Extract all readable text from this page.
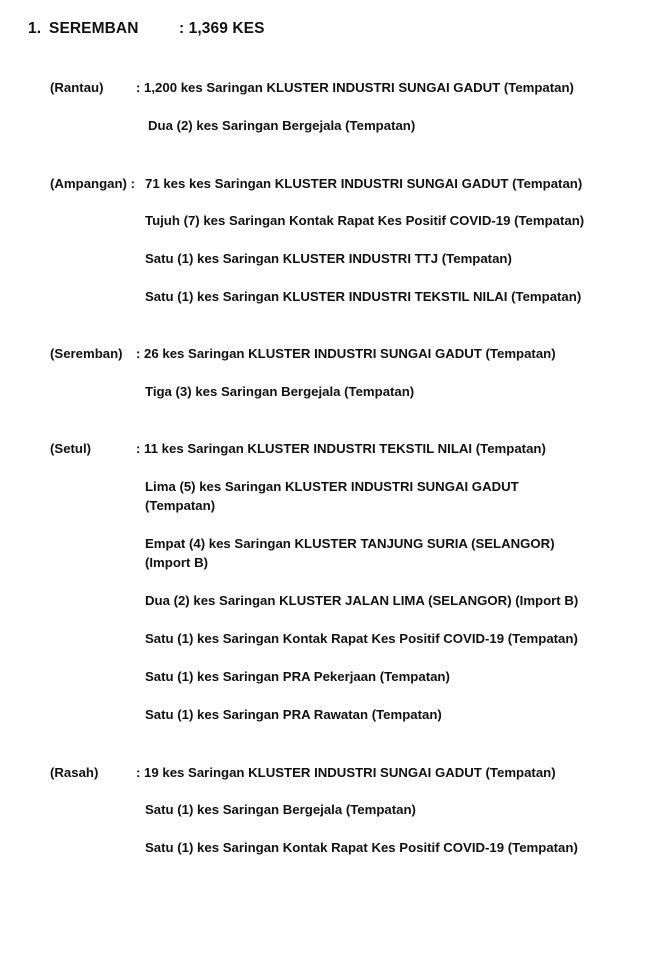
1. SEREMBAN	: 1,369 KES
(Rantau) : 1,200 kes Saringan KLUSTER INDUSTRI SUNGAI GADUT (Tempatan)
Dua (2) kes Saringan Bergejala (Tempatan)
(Ampangan) : 71 kes kes Saringan KLUSTER INDUSTRI SUNGAI GADUT (Tempatan)
Tujuh (7) kes Saringan Kontak Rapat Kes Positif COVID-19 (Tempatan)
Satu (1) kes Saringan KLUSTER INDUSTRI TTJ (Tempatan)
Satu (1) kes Saringan KLUSTER INDUSTRI TEKSTIL NILAI (Tempatan)
(Seremban) : 26 kes Saringan KLUSTER INDUSTRI SUNGAI GADUT (Tempatan)
Tiga (3) kes Saringan Bergejala (Tempatan)
(Setul)	: 11 kes Saringan KLUSTER INDUSTRI TEKSTIL NILAI (Tempatan)
Lima (5) kes Saringan KLUSTER INDUSTRI SUNGAI GADUT
(Tempatan)
Empat (4) kes Saringan KLUSTER TANJUNG SURIA (SELANGOR)
(Import B)
Dua (2) kes Saringan KLUSTER JALAN LIMA (SELANGOR) (Import B)
Satu (1) kes Saringan Kontak Rapat Kes Positif COVID-19 (Tempatan)
Satu (1) kes Saringan PRA Pekerjaan (Tempatan)
Satu (1) kes Saringan PRA Rawatan (Tempatan)
(Rasah)	: 19 kes Saringan KLUSTER INDUSTRI SUNGAI GADUT (Tempatan)
Satu (1) kes Saringan Bergejala (Tempatan)
Satu (1) kes Saringan Kontak Rapat Kes Positif COVID-19 (Tempatan)
